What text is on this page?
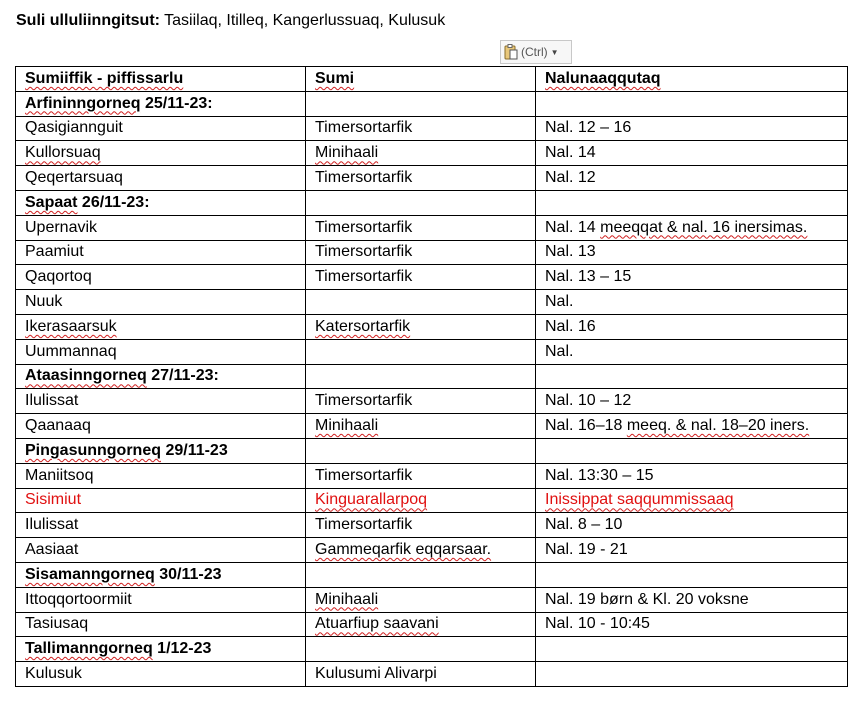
Suli ulluliinngitsut: Tasiilaq, Itilleq, Kangerlussuaq, Kulusuk
(Ctrl) ▼
Sumiiffik - piffissarlu	Sumi	Nalunaaqqutaq
Arfininngorneq 25/11-23:		
Qasigiannguit	Timersortarfik	Nal. 12 – 16
Kullorsuaq	Minihaali	Nal. 14
Qeqertarsuaq	Timersortarfik	Nal. 12
Sapaat 26/11-23:		
Upernavik	Timersortarfik	Nal. 14 meeqqat & nal. 16 inersimas.
Paamiut	Timersortarfik	Nal. 13
Qaqortoq	Timersortarfik	Nal. 13 – 15
Nuuk		Nal.
Ikerasaarsuk	Katersortarfik	Nal. 16
Uummannaq		Nal.
Ataasinngorneq 27/11-23:		
Ilulissat	Timersortarfik	Nal. 10 – 12
Qaanaaq	Minihaali	Nal. 16–18 meeq. & nal. 18–20 iners.
Pingasunngorneq 29/11-23		
Maniitsoq	Timersortarfik	Nal. 13:30 – 15
Sisimiut	Kinguarallarpoq	Inissippat saqqummissaaq
Ilulissat	Timersortarfik	Nal. 8 – 10
Aasiaat	Gammeqarfik eqqarsaar.	Nal. 19 - 21
Sisamanngorneq 30/11-23		
Ittoqqortoormiit	Minihaali	Nal. 19 børn & Kl. 20 voksne
Tasiusaq	Atuarfiup saavani	Nal. 10 - 10:45
Tallimanngorneq 1/12-23		
Kulusuk	Kulusumi Alivarpi	
